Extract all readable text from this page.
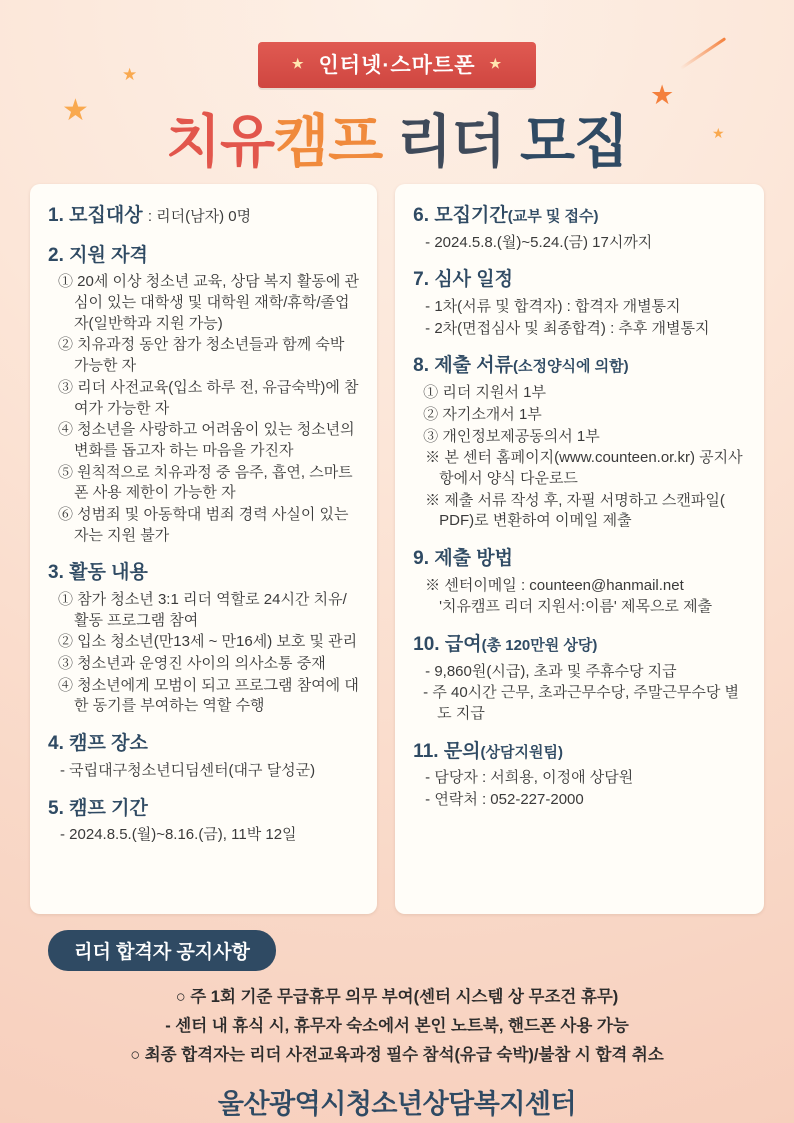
★
★
★
★
★ 인터넷·스마트폰 ★
치유캠프 리더 모집
1. 모집대상 : 리더(남자) 0명
2. 지원 자격
① 20세 이상 청소년 교육, 상담 복지 활동에 관심이 있는 대학생 및 대학원 재학/휴학/졸업자(일반학과 지원 가능)
② 치유과정 동안 참가 청소년들과 함께 숙박 가능한 자
③ 리더 사전교육(입소 하루 전, 유급숙박)에 참여가 가능한 자
④ 청소년을 사랑하고 어려움이 있는 청소년의 변화를 돕고자 하는 마음을 가진자
⑤ 원칙적으로 치유과정 중 음주, 흡연, 스마트폰 사용 제한이 가능한 자
⑥ 성범죄 및 아동학대 범죄 경력 사실이 있는 자는 지원 불가
3. 활동 내용
① 참가 청소년 3:1 리더 역할로 24시간 치유/활동 프로그램 참여
② 입소 청소년(만13세 ~ 만16세) 보호 및 관리
③ 청소년과 운영진 사이의 의사소통 중재
④ 청소년에게 모범이 되고 프로그램 참여에 대한 동기를 부여하는 역할 수행
4. 캠프 장소
- 국립대구청소년디딤센터(대구 달성군)
5. 캠프 기간
- 2024.8.5.(월)~8.16.(금), 11박 12일
6. 모집기간(교부 및 접수)
- 2024.5.8.(월)~5.24.(금) 17시까지
7. 심사 일정
- 1차(서류 및 합격자) : 합격자 개별통지
- 2차(면접심사 및 최종합격) : 추후 개별통지
8. 제출 서류(소정양식에 의함)
① 리더 지원서 1부
② 자기소개서 1부
③ 개인정보제공동의서 1부
※ 본 센터 홈페이지(www.counteen.or.kr) 공지사항에서 양식 다운로드
※ 제출 서류 작성 후, 자필 서명하고 스캔파일( PDF)로 변환하여 이메일 제출
9. 제출 방법
※ 센터이메일 : counteen@hanmail.net
'치유캠프 리더 지원서:이름' 제목으로 제출
10. 급여(총 120만원 상당)
- 9,860원(시급), 초과 및 주휴수당 지급
- 주 40시간 근무, 초과근무수당, 주말근무수당 별도 지급
11. 문의(상담지원팀)
- 담당자 : 서희용, 이정애 상담원
- 연락처 : 052-227-2000
리더 합격자 공지사항
○ 주 1회 기준 무급휴무 의무 부여(센터 시스템 상 무조건 휴무)
- 센터 내 휴식 시, 휴무자 숙소에서 본인 노트북, 핸드폰 사용 가능
○ 최종 합격자는 리더 사전교육과정 필수 참석(유급 숙박)/불참 시 합격 취소
울산광역시청소년상담복지센터
